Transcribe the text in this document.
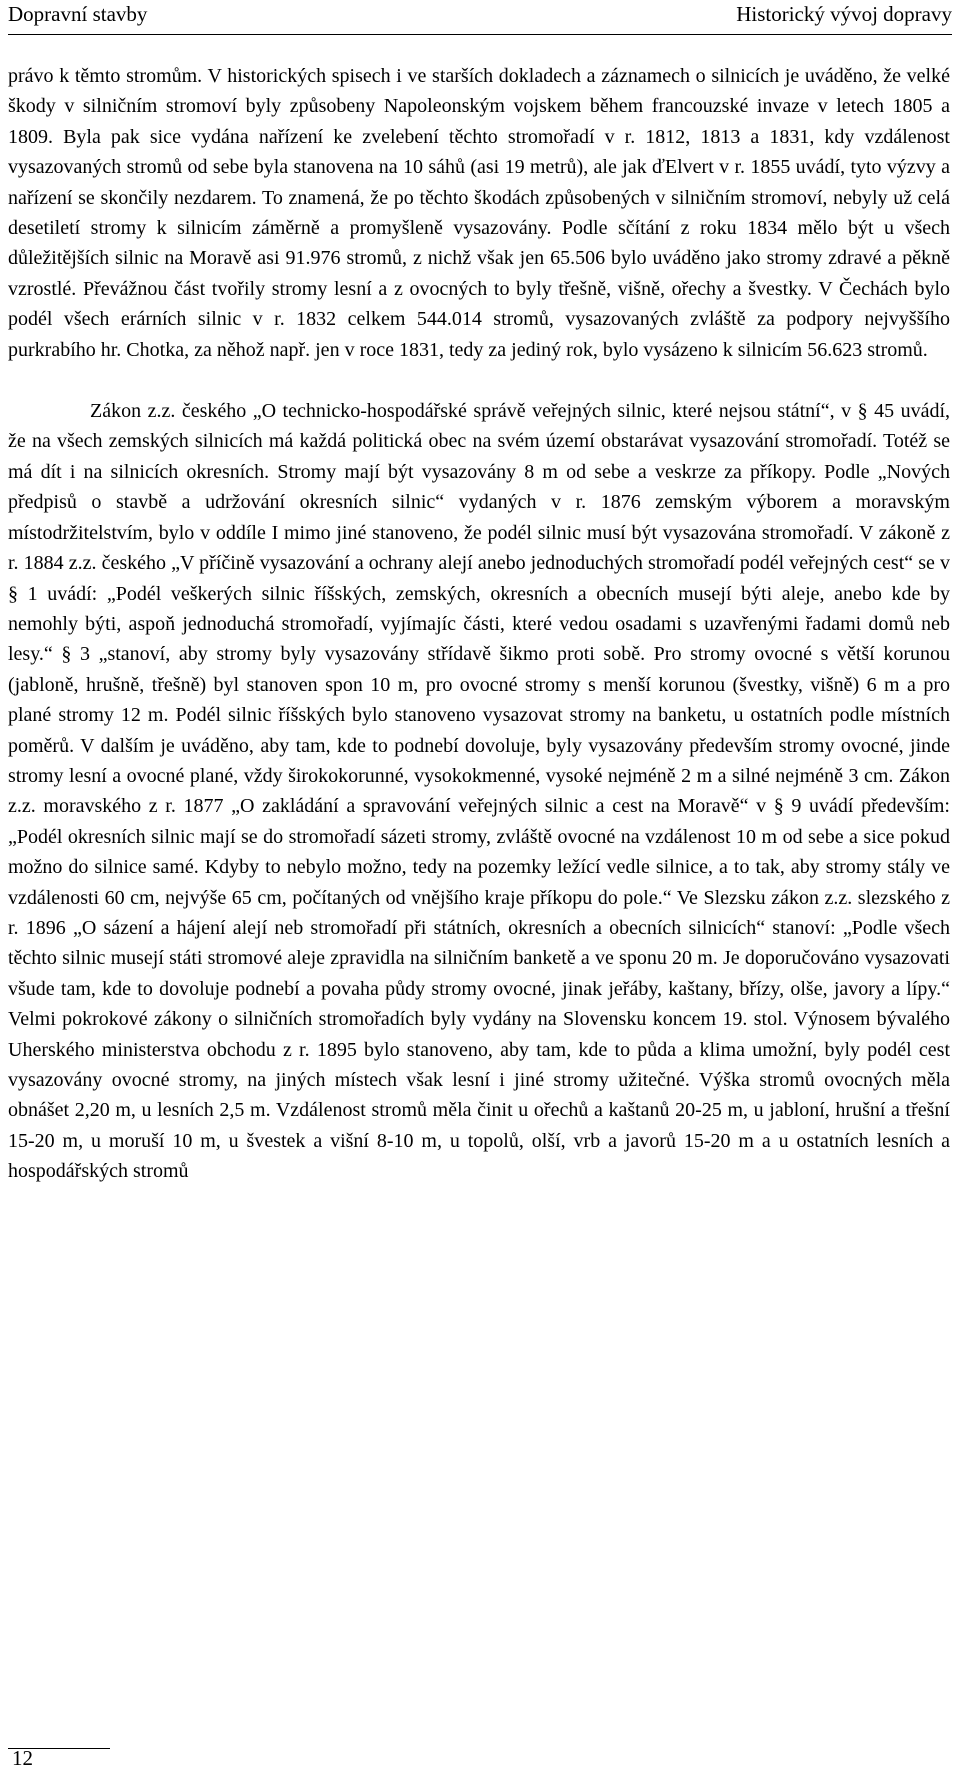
Dopravní stavby	Historický vývoj dopravy

právo k těmto stromům. V historických spisech i ve starších dokladech a záznamech o silnicích je uváděno, že velké škody v silničním stromoví byly způsobeny Napoleonským vojskem během francouzské invaze v letech 1805 a 1809. Byla pak sice vydána nařízení ke zvelebení těchto stromořadí v r. 1812, 1813 a 1831, kdy vzdálenost vysazovaných stromů od sebe byla stanovena na 10 sáhů (asi 19 metrů), ale jak ďElvert v r. 1855 uvádí, tyto výzvy a nařízení se skončily nezdarem. To znamená, že po těchto škodách způsobených v silničním stromoví, nebyly už celá desetiletí stromy k silnicím záměrně a promyšleně vysazovány. Podle sčítání z roku 1834 mělo být u všech důležitějších silnic na Moravě asi 91.976 stromů, z nichž však jen 65.506 bylo uváděno jako stromy zdravé a pěkně vzrostlé. Převážnou část tvořily stromy lesní a z ovocných to byly třešně, višně, ořechy a švestky. V Čechách bylo podél všech erárních silnic v r. 1832 celkem 544.014 stromů, vysazovaných zvláště za podpory nejvyššího purkrabího hr. Chotka, za něhož např. jen v roce 1831, tedy za jediný rok, bylo vysázeno k silnicím 56.623 stromů.

Zákon z.z. českého „O technicko-hospodářské správě veřejných silnic, které nejsou státní“, v § 45 uvádí, že na všech zemských silnicích má každá politická obec na svém území obstarávat vysazování stromořadí. Totéž se má dít i na silnicích okresních. Stromy mají být vysazovány 8 m od sebe a veskrze za příkopy. Podle „Nových předpisů o stavbě a udržování okresních silnic“ vydaných v r. 1876 zemským výborem a moravským místodržitelstvím, bylo v oddíle I mimo jiné stanoveno, že podél silnic musí být vysazována stromořadí. V zákoně z r. 1884 z.z. českého „V příčině vysazování a ochrany alejí anebo jednoduchých stromořadí podél veřejných cest“ se v § 1 uvádí: „Podél veškerých silnic říšských, zemských, okresních a obecních musejí býti aleje, anebo kde by nemohly býti, aspoň jednoduchá stromořadí, vyjímajíc části, které vedou osadami s uzavřenými řadami domů neb lesy.“ § 3 „stanoví, aby stromy byly vysazovány střídavě šikmo proti sobě. Pro stromy ovocné s větší korunou (jabloně, hrušně, třešně) byl stanoven spon 10 m, pro ovocné stromy s menší korunou (švestky, višně) 6 m a pro plané stromy 12 m. Podél silnic říšských bylo stanoveno vysazovat stromy na banketu, u ostatních podle místních poměrů. V dalším je uváděno, aby tam, kde to podnebí dovoluje, byly vysazovány především stromy ovocné, jinde stromy lesní a ovocné plané, vždy širokokorunné, vysokokmenné, vysoké nejméně 2 m a silné nejméně 3 cm. Zákon z.z. moravského z r. 1877 „O zakládání a spravování veřejných silnic a cest na Moravě“ v § 9 uvádí především: „Podél okresních silnic mají se do stromořadí sázeti stromy, zvláště ovocné na vzdálenost 10 m od sebe a sice pokud možno do silnice samé. Kdyby to nebylo možno, tedy na pozemky ležící vedle silnice, a to tak, aby stromy stály ve vzdálenosti 60 cm, nejvýše 65 cm, počítaných od vnějšího kraje příkopu do pole.“ Ve Slezsku zákon z.z. slezského z r. 1896 „O sázení a hájení alejí neb stromořadí při státních, okresních a obecních silnicích“ stanoví: „Podle všech těchto silnic musejí státi stromové aleje zpravidla na silničním banketě a ve sponu 20 m. Je doporučováno vysazovati všude tam, kde to dovoluje podnebí a povaha půdy stromy ovocné, jinak jeřáby, kaštany, břízy, olše, javory a lípy.“ Velmi pokrokové zákony o silničních stromořadích byly vydány na Slovensku koncem 19. stol. Výnosem bývalého Uherského ministerstva obchodu z r. 1895 bylo stanoveno, aby tam, kde to půda a klima umožní, byly podél cest vysazovány ovocné stromy, na jiných místech však lesní i jiné stromy užitečné. Výška stromů ovocných měla obnášet 2,20 m, u lesních 2,5 m. Vzdálenost stromů měla činit u ořechů a kaštanů 20-25 m, u jabloní, hrušní a třešní 15-20 m, u moruší 10 m, u švestek a višní 8-10 m, u topolů, olší, vrb a javorů 15-20 m a u ostatních lesních a hospodářských stromů

12
